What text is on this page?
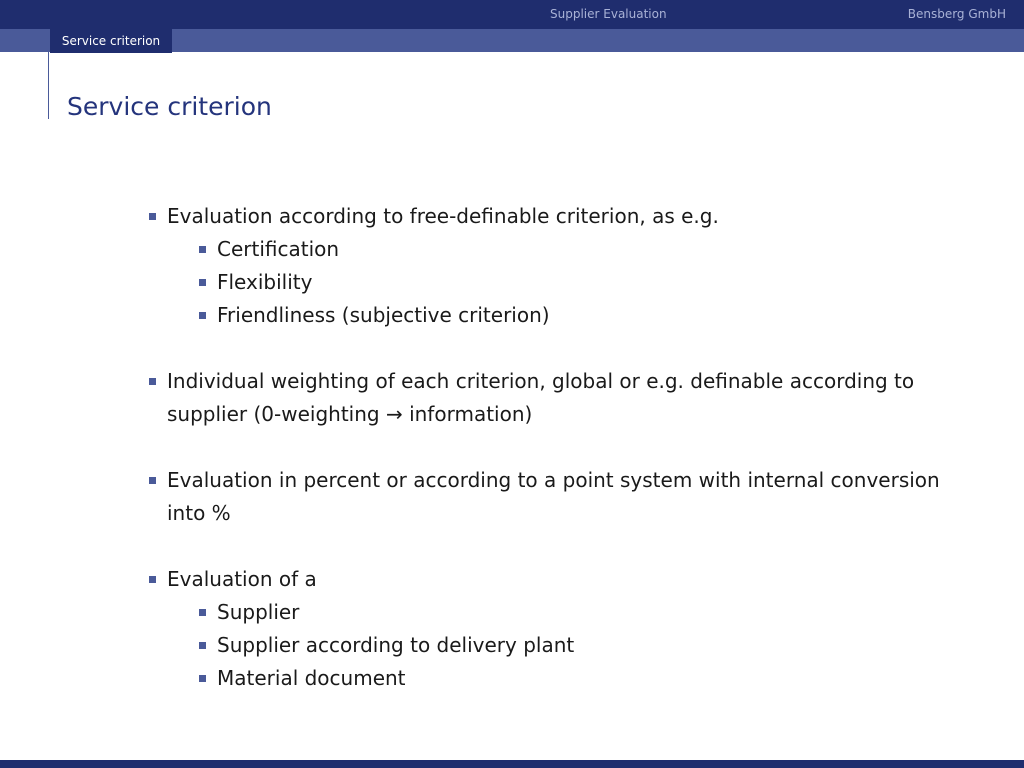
Supplier Evaluation	Bensberg GmbH
Service criterion
Service criterion
Evaluation according to free-definable criterion, as e.g.
Certification
Flexibility
Friendliness (subjective criterion)
Individual weighting of each criterion, global or e.g. definable according to
supplier (0-weighting → information)
Evaluation in percent or according to a point system with internal conversion
into %
Evaluation of a
Supplier
Supplier according to delivery plant
Material document
